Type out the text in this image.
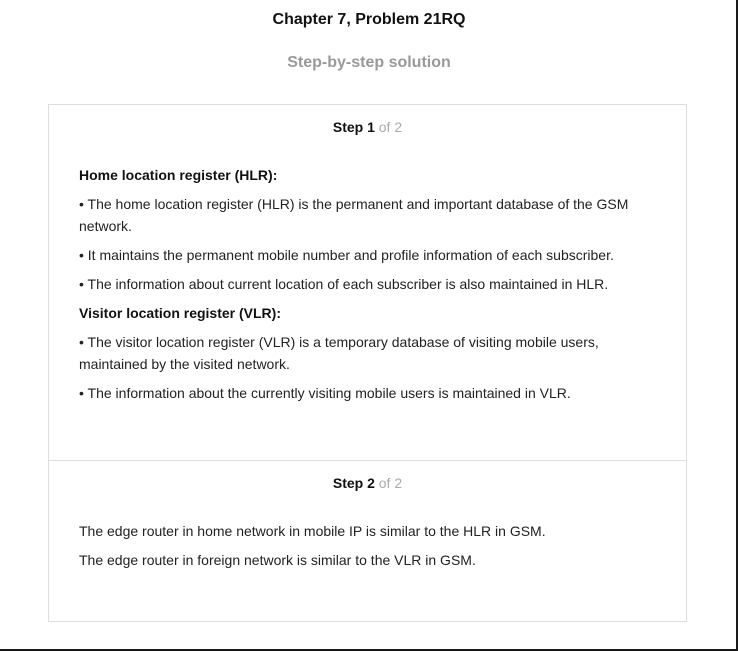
Chapter 7, Problem 21RQ
Step-by-step solution
Step 1 of 2
Home location register (HLR):
• The home location register (HLR) is the permanent and important database of the GSM network.
• It maintains the permanent mobile number and profile information of each subscriber.
• The information about current location of each subscriber is also maintained in HLR.
Visitor location register (VLR):
• The visitor location register (VLR) is a temporary database of visiting mobile users, maintained by the visited network.
• The information about the currently visiting mobile users is maintained in VLR.
Step 2 of 2
The edge router in home network in mobile IP is similar to the HLR in GSM.
The edge router in foreign network is similar to the VLR in GSM.
